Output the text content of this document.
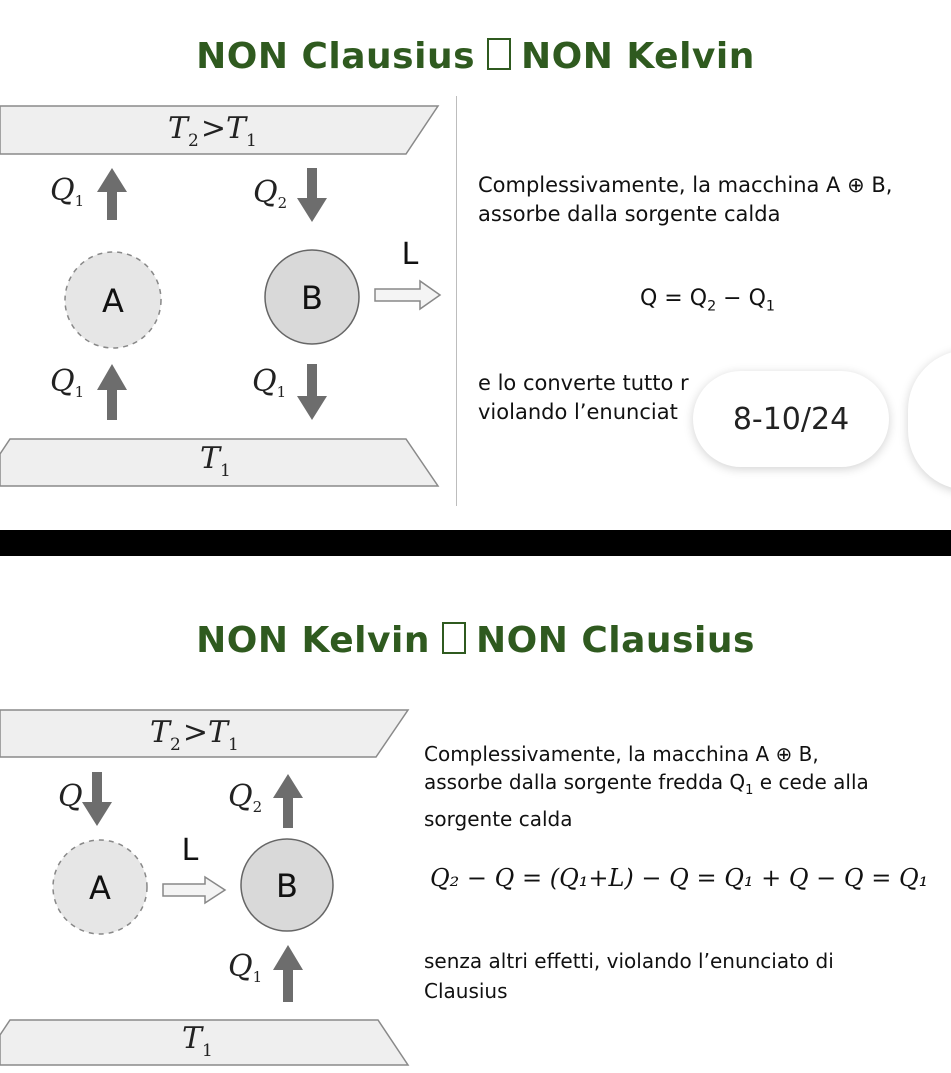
NON Clausius NON Kelvin
$T_2>T_1$
$Q_1$	$Q_2$
A	B
L
$Q_1$	$Q_1$
$T_1$
Complessivamente, la macchina A ⊕ B,
assorbe dalla sorgente calda
$Q = Q_2 - Q_1$
e lo converte tutto r
violando l’enunciat	8-10/24
NON Kelvin NON Clausius
$T_2>T_1$
Q	$Q_2$
A
L
B
$Q_1$
$T_1$
Complessivamente, la macchina A ⊕ B,
assorbe dalla sorgente fredda $Q_1$ e cede alla
sorgente calda
Q₂ − Q = (Q₁+L) − Q = Q₁ + Q − Q = Q₁
senza altri effetti, violando l’enunciato di
Clausius
